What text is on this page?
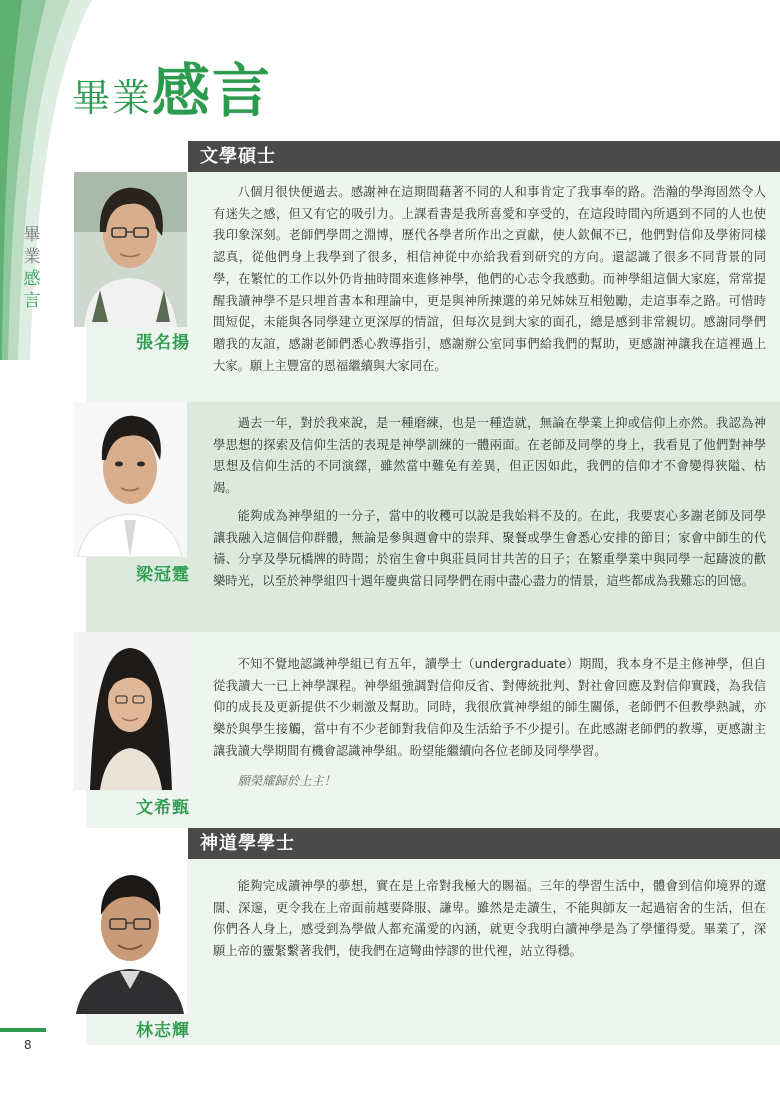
畢業感言
畢
業
感
言
文學碩士
張名揚

八個月很快便過去。感謝神在這期間藉著不同的人和事肯定了我事奉的路。浩瀚的學海固然令人有迷失之感，但又有它的吸引力。上課看書是我所喜愛和享受的，在這段時間內所遇到不同的人也使我印象深刻。老師們學問之淵博，歷代各學者所作出之貢獻，使人欽佩不已，他們對信仰及學術同樣認真，從他們身上我學到了很多，相信神從中亦給我看到研究的方向。還認識了很多不同背景的同學，在繁忙的工作以外仍肯抽時間來進修神學，他們的心志令我感動。而神學組這個大家庭，常常提醒我讀神學不是只埋首書本和理論中，更是與神所揀選的弟兄姊妹互相勉勵，走這事奉之路。可惜時間短促，未能與各同學建立更深厚的情誼，但每次見到大家的面孔，總是感到非常親切。感謝同學們贈我的友誼，感謝老師們悉心教導指引，感謝辦公室同事們給我們的幫助，更感謝神讓我在這裡過上大家。願上主豐富的恩福繼續與大家同在。

梁冠霆

過去一年，對於我來說，是一種磨練，也是一種造就，無論在學業上抑或信仰上亦然。我認為神學思想的探索及信仰生活的表現是神學訓練的一體兩面。在老師及同學的身上，我看見了他們對神學思想及信仰生活的不同演繹，雖然當中難免有差異，但正因如此，我們的信仰才不會變得狹隘、枯竭。

能夠成為神學組的一分子，當中的收穫可以說是我始料不及的。在此，我要衷心多謝老師及同學讓我融入這個信仰群體，無論是參與週會中的崇拜、聚餐或學生會悉心安排的節目；家會中師生的代禱、分享及學玩橋牌的時間；於宿生會中與莊員同甘共苦的日子；在繁重學業中與同學一起躊波的歡樂時光，以至於神學組四十週年慶典當日同學們在雨中盡心盡力的情景，這些都成為我難忘的回憶。

文希甄

不知不覺地認識神學組已有五年，讀學士（undergraduate）期間，我本身不是主修神學，但自從我讀大一已上神學課程。神學組強調對信仰反省、對傳統批判、對社會回應及對信仰實踐，為我信仰的成長及更新提供不少刺激及幫助。同時，我很欣賞神學組的師生關係，老師們不但教學熱誠，亦樂於與學生接觸，當中有不少老師對我信仰及生活給予不少提引。在此感謝老師們的教導，更感謝主讓我讀大學期間有機會認識神學組。盼望能繼續向各位老師及同學學習。

願榮耀歸於上主！

神道學學士
林志輝

能夠完成讀神學的夢想，實在是上帝對我極大的賜福。三年的學習生活中，體會到信仰境界的遼闊、深邃，更令我在上帝面前越要降服、謙卑。雖然是走讀生，不能與師友一起過宿舍的生活，但在你們各人身上，感受到為學做人都充滿愛的內涵，就更令我明白讀神學是為了學懂得愛。畢業了，深願上帝的靈緊繫著我們，使我們在這彎曲悖謬的世代裡，站立得穩。

8
